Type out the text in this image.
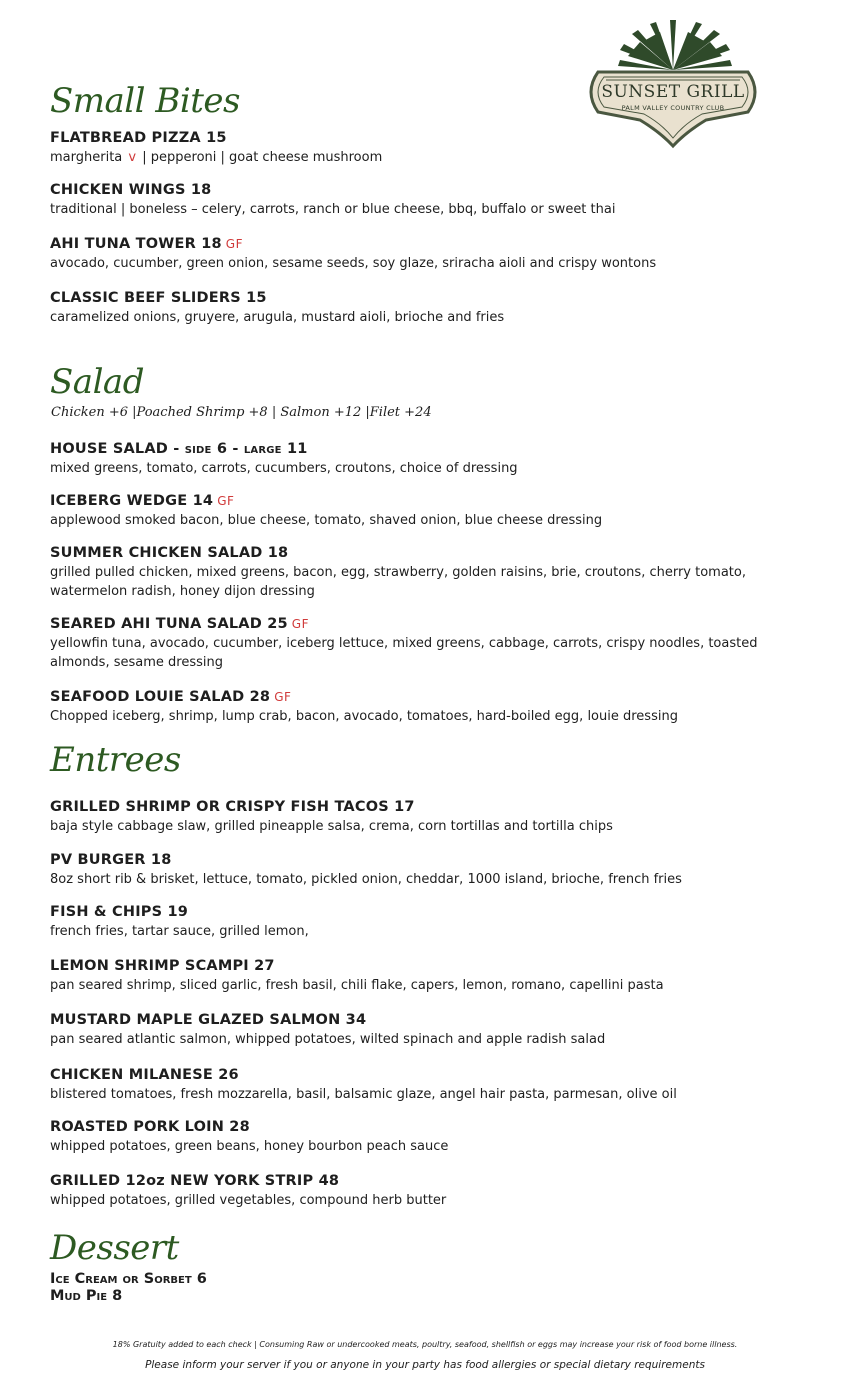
SUNSET GRILL
PALM VALLEY COUNTRY CLUB
Small Bites
FLATBREAD PIZZA 15
margherita v | pepperoni | goat cheese mushroom
CHICKEN WINGS 18
traditional | boneless – celery, carrots, ranch or blue cheese, bbq, buffalo or sweet thai
AHI TUNA TOWER 18 GF
avocado, cucumber, green onion, sesame seeds, soy glaze, sriracha aioli and crispy wontons
CLASSIC BEEF SLIDERS 15
caramelized onions, gruyere, arugula, mustard aioli, brioche and fries
Salad
Chicken +6 |Poached Shrimp +8 | Salmon +12 |Filet +24
HOUSE SALAD - side 6 - large 11
mixed greens, tomato, carrots, cucumbers, croutons, choice of dressing
ICEBERG WEDGE 14 GF
applewood smoked bacon, blue cheese, tomato, shaved onion, blue cheese dressing
SUMMER CHICKEN SALAD 18
grilled pulled chicken, mixed greens, bacon, egg, strawberry, golden raisins, brie, croutons, cherry tomato, watermelon radish, honey dijon dressing
SEARED AHI TUNA SALAD 25 GF
yellowfin tuna, avocado, cucumber, iceberg lettuce, mixed greens, cabbage, carrots, crispy noodles, toasted almonds, sesame dressing
SEAFOOD LOUIE SALAD 28 GF
Chopped iceberg, shrimp, lump crab, bacon, avocado, tomatoes, hard-boiled egg, louie dressing
Entrees
GRILLED SHRIMP OR CRISPY FISH TACOS 17
baja style cabbage slaw, grilled pineapple salsa, crema, corn tortillas and tortilla chips
PV BURGER 18
8oz short rib & brisket, lettuce, tomato, pickled onion, cheddar, 1000 island, brioche, french fries
FISH & CHIPS 19
french fries, tartar sauce, grilled lemon,
LEMON SHRIMP SCAMPI 27
pan seared shrimp, sliced garlic, fresh basil, chili flake, capers, lemon, romano, capellini pasta
MUSTARD MAPLE GLAZED SALMON 34
pan seared atlantic salmon, whipped potatoes, wilted spinach and apple radish salad
CHICKEN MILANESE 26
blistered tomatoes, fresh mozzarella, basil, balsamic glaze, angel hair pasta, parmesan, olive oil
ROASTED PORK LOIN 28
whipped potatoes, green beans, honey bourbon peach sauce
GRILLED 12oz NEW YORK STRIP 48
whipped potatoes, grilled vegetables, compound herb butter
Dessert
Ice Cream or Sorbet 6
Mud Pie 8
18% Gratuity added to each check | Consuming Raw or undercooked meats, poultry, seafood, shellfish or eggs may increase your risk of food borne illness.
Please inform your server if you or anyone in your party has food allergies or special dietary requirements
